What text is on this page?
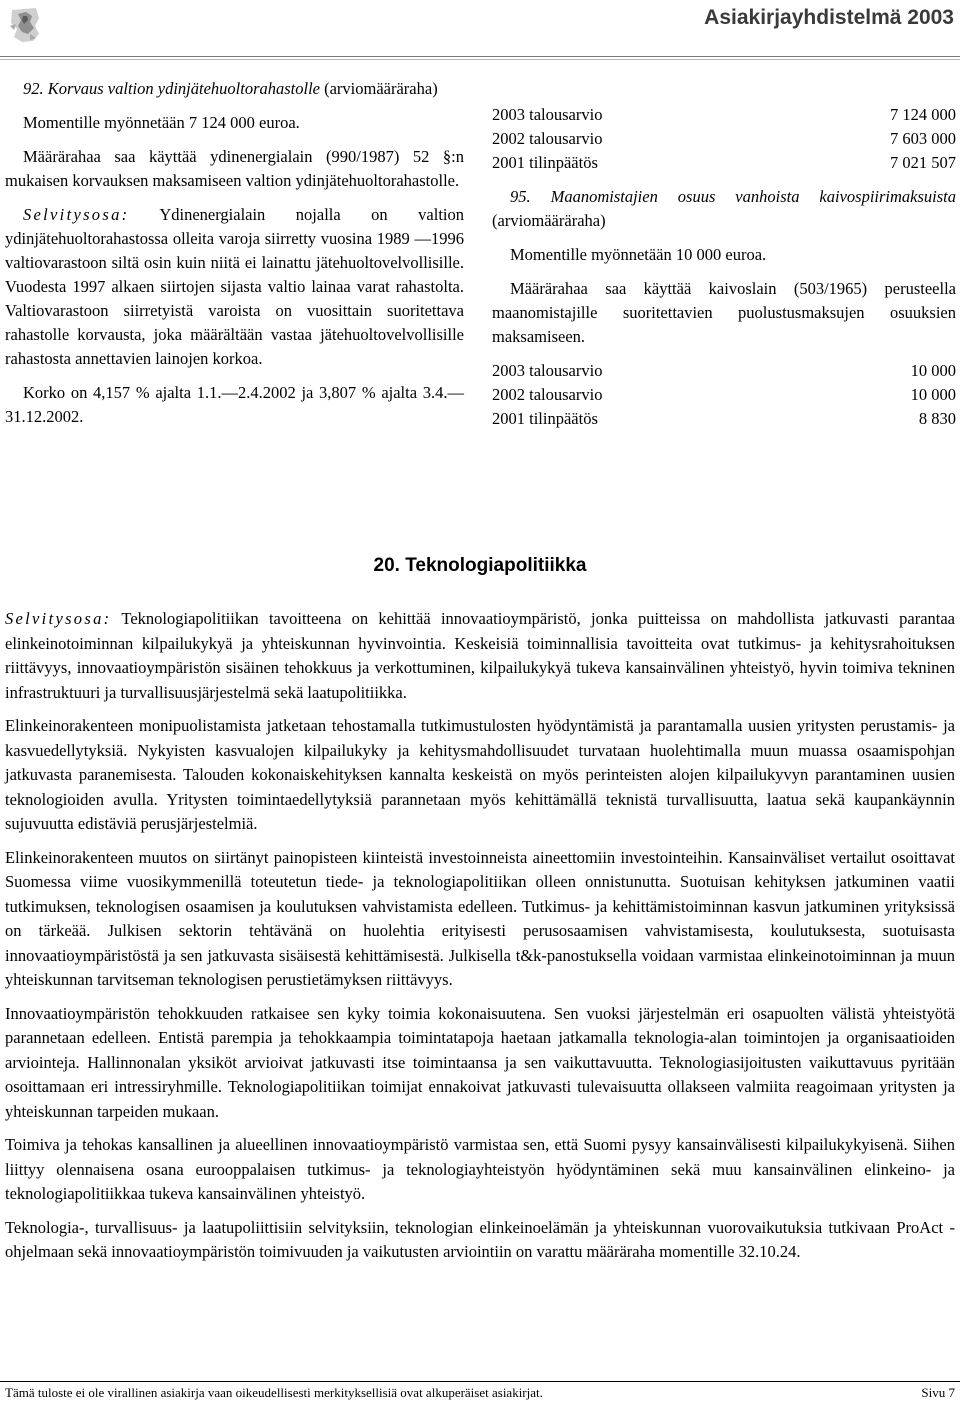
Asiakirjayhdistelmä 2003

92. Korvaus valtion ydinjätehuoltorahastolle (arviomääräraha)

Momentille myönnetään 7 124 000 euroa.

Määrärahaa saa käyttää ydinenergialain (990/1987) 52 §:n mukaisen korvauksen maksamiseen valtion ydinjätehuoltorahastolle.

Selvitysosa: Ydinenergialain nojalla on valtion ydinjätehuoltorahastossa olleita varoja siirretty vuosina 1989 —1996 valtiovarastoon siltä osin kuin niitä ei lainattu jätehuoltovelvollisille. Vuodesta 1997 alkaen siirtojen sijasta valtio lainaa varat rahastolta. Valtiovarastoon siirretyistä varoista on vuosittain suoritettava rahastolle korvausta, joka määrältään vastaa jätehuoltovelvollisille rahastosta annettavien lainojen korkoa.

Korko on 4,157 % ajalta 1.1.—2.4.2002 ja 3,807 % ajalta 3.4.—31.12.2002.

2003 talousarvio	7 124 000
2002 talousarvio	7 603 000
2001 tilinpäätös	7 021 507

95. Maanomistajien osuus vanhoista kaivospiirimaksuista (arviomääräraha)

Momentille myönnetään 10 000 euroa.

Määrärahaa saa käyttää kaivoslain (503/1965) perusteella maanomistajille suoritettavien puolustusmaksujen osuuksien maksamiseen.

2003 talousarvio	10 000
2002 talousarvio	10 000
2001 tilinpäätös	8 830
20. Teknologiapolitiikka

Selvitysosa: Teknologiapolitiikan tavoitteena on kehittää innovaatioympäristö, jonka puitteissa on mahdollista jatkuvasti parantaa elinkeinotoiminnan kilpailukykyä ja yhteiskunnan hyvinvointia. Keskeisiä toiminnallisia tavoitteita ovat tutkimus- ja kehitysrahoituksen riittävyys, innovaatioympäristön sisäinen tehokkuus ja verkottuminen, kilpailukykyä tukeva kansainvälinen yhteistyö, hyvin toimiva tekninen infrastruktuuri ja turvallisuusjärjestelmä sekä laatupolitiikka.

Elinkeinorakenteen monipuolistamista jatketaan tehostamalla tutkimustulosten hyödyntämistä ja parantamalla uusien yritysten perustamis- ja kasvuedellytyksiä. Nykyisten kasvualojen kilpailukyky ja kehitysmahdollisuudet turvataan huolehtimalla muun muassa osaamispohjan jatkuvasta paranemisesta. Talouden kokonaiskehityksen kannalta keskeistä on myös perinteisten alojen kilpailukyvyn parantaminen uusien teknologioiden avulla. Yritysten toimintaedellytyksiä parannetaan myös kehittämällä teknistä turvallisuutta, laatua sekä kaupankäynnin sujuvuutta edistäviä perusjärjestelmiä.

Elinkeinorakenteen muutos on siirtänyt painopisteen kiinteistä investoinneista aineettomiin investointeihin. Kansainväliset vertailut osoittavat Suomessa viime vuosikymmenillä toteutetun tiede- ja teknologiapolitiikan olleen onnistunutta. Suotuisan kehityksen jatkuminen vaatii tutkimuksen, teknologisen osaamisen ja koulutuksen vahvistamista edelleen. Tutkimus- ja kehittämistoiminnan kasvun jatkuminen yrityksissä on tärkeää. Julkisen sektorin tehtävänä on huolehtia erityisesti perusosaamisen vahvistamisesta, koulutuksesta, suotuisasta innovaatioympäristöstä ja sen jatkuvasta sisäisestä kehittämisestä. Julkisella t&k-panostuksella voidaan varmistaa elinkeinotoiminnan ja muun yhteiskunnan tarvitseman teknologisen perustietämyksen riittävyys.

Innovaatioympäristön tehokkuuden ratkaisee sen kyky toimia kokonaisuutena. Sen vuoksi järjestelmän eri osapuolten välistä yhteistyötä parannetaan edelleen. Entistä parempia ja tehokkaampia toimintatapoja haetaan jatkamalla teknologia-alan toimintojen ja organisaatioiden arviointeja. Hallinnonalan yksiköt arvioivat jatkuvasti itse toimintaansa ja sen vaikuttavuutta. Teknologiasijoitusten vaikuttavuus pyritään osoittamaan eri intressiryhmille. Teknologiapolitiikan toimijat ennakoivat jatkuvasti tulevaisuutta ollakseen valmiita reagoimaan yritysten ja yhteiskunnan tarpeiden mukaan.

Toimiva ja tehokas kansallinen ja alueellinen innovaatioympäristö varmistaa sen, että Suomi pysyy kansainvälisesti kilpailukykyisenä. Siihen liittyy olennaisena osana eurooppalaisen tutkimus- ja teknologiayhteistyön hyödyntäminen sekä muu kansainvälinen elinkeino- ja teknologiapolitiikkaa tukeva kansainvälinen yhteistyö.

Teknologia-, turvallisuus- ja laatupoliittisiin selvityksiin, teknologian elinkeinoelämän ja yhteiskunnan vuorovaikutuksia tutkivaan ProAct -ohjelmaan sekä innovaatioympäristön toimivuuden ja vaikutusten arviointiin on varattu määräraha momentille 32.10.24.

Tämä tuloste ei ole virallinen asiakirja vaan oikeudellisesti merkityksellisiä ovat alkuperäiset asiakirjat.	Sivu 7
